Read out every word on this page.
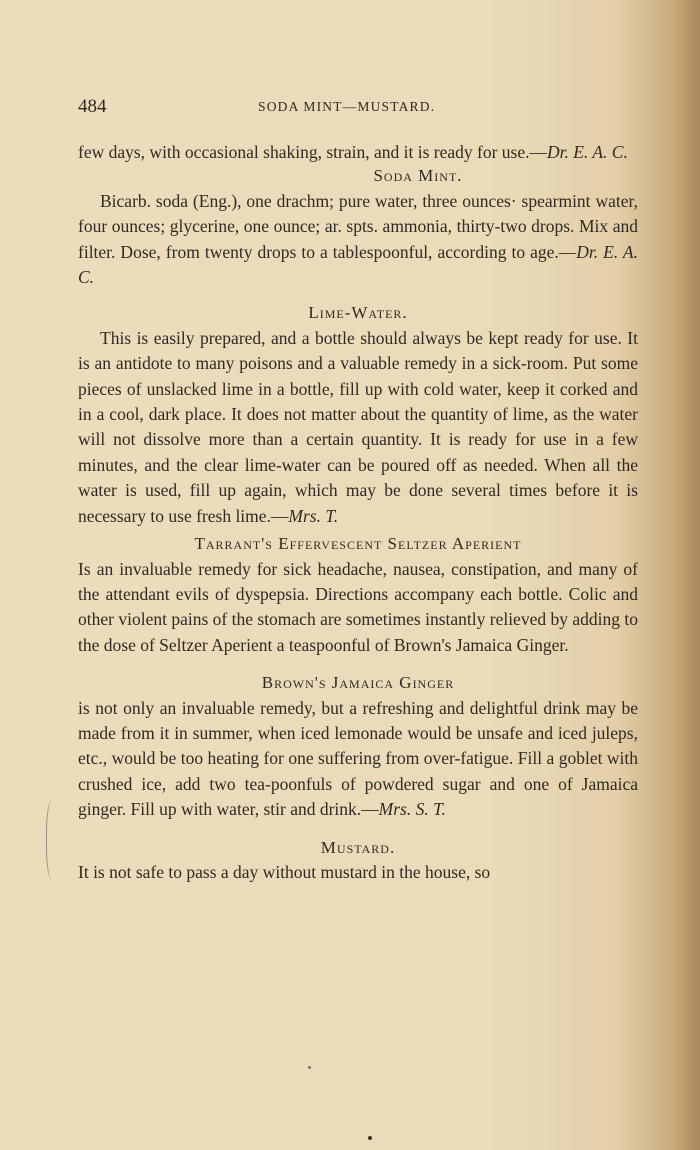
484	SODA MINT—MUSTARD.

few days, with occasional shaking, strain, and it is ready for use.—Dr. E. A. C.

Soda Mint.

Bicarb. soda (Eng.), one drachm; pure water, three ounces· spearmint water, four ounces; glycerine, one ounce; ar. spts. ammonia, thirty-two drops. Mix and filter. Dose, from twenty drops to a tablespoonful, according to age.—Dr. E. A. C.

Lime-Water.

This is easily prepared, and a bottle should always be kept ready for use. It is an antidote to many poisons and a valuable remedy in a sick-room. Put some pieces of unslacked lime in a bottle, fill up with cold water, keep it corked and in a cool, dark place. It does not matter about the quantity of lime, as the water will not dissolve more than a certain quantity. It is ready for use in a few minutes, and the clear lime-water can be poured off as needed. When all the water is used, fill up again, which may be done several times before it is necessary to use fresh lime.—Mrs. T.

Tarrant's Effervescent Seltzer Aperient

Is an invaluable remedy for sick headache, nausea, constipation, and many of the attendant evils of dyspepsia. Directions accompany each bottle. Colic and other violent pains of the stomach are sometimes instantly relieved by adding to the dose of Seltzer Aperient a teaspoonful of Brown's Jamaica Ginger.

Brown's Jamaica Ginger

is not only an invaluable remedy, but a refreshing and delightful drink may be made from it in summer, when iced lemonade would be unsafe and iced juleps, etc., would be too heating for one suffering from over-fatigue. Fill a goblet with crushed ice, add two tea-poonfuls of powdered sugar and one of Jamaica ginger. Fill up with water, stir and drink.—Mrs. S. T.

Mustard.

It is not safe to pass a day without mustard in the house, so
